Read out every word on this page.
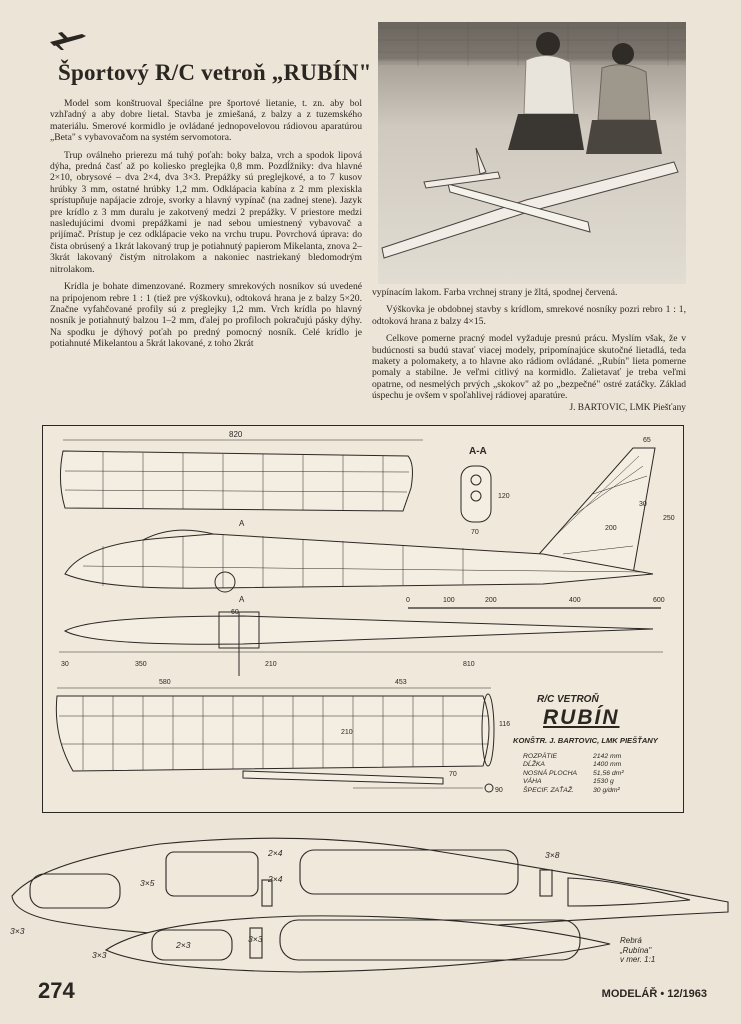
Športový R/C vetroň „RUBÍN"

Model som konštruoval špeciálne pre športové lietanie, t. zn. aby bol vzhľadný a aby dobre lietal. Stavba je zmiešaná, z balzy a z tuzemského materiálu. Smerové kormidlo je ovládané jednopovelovou rádiovou aparatúrou „Beta" s vybavovačom na systém servomotora.

Trup oválneho prierezu má tuhý poťah: boky balza, vrch a spodok lipová dýha, predná časť až po koliesko preglejka 0,8 mm. Pozdĺžniky: dva hlavné 2×10, obrysové – dva 2×4, dva 3×3. Prepážky sú preglejkové, a to 7 kusov hrúbky 3 mm, ostatné hrúbky 1,2 mm. Odklápacia kabína z 2 mm plexiskla sprístupňuje napájacie zdroje, svorky a hlavný vypínač (na zadnej stene). Jazyk pre krídlo z 3 mm duralu je zakotvený medzi 2 prepážky. V priestore medzi nasledujúcimi dvomi prepážkami je nad sebou umiestnený vybavovač a prijímač. Prístup je cez odklápacie veko na vrchu trupu. Povrchová úprava: do čista obrúsený a 1krát lakovaný trup je potiahnutý papierom Mikelanta, znova 2–3krát lakovaný čistým nitrolakom a nakoniec nastriekaný bledomodrým nitrolakom.

Krídla je bohate dimenzované. Rozmery smrekových nosníkov sú uvedené na pripojenom rebre 1 : 1 (tiež pre výškovku), odtoková hrana je z balzy 5×20. Značne vyfahčované profily sú z preglejky 1,2 mm. Vrch krídla po hlavný nosník je potiahnutý balzou 1–2 mm, ďalej po profiloch pokračujú pásky dýhy. Na spodku je dýhový poťah po predný pomocný nosník. Celé krídlo je potiahnuté Mikelantou a 5krát lakované, z toho 2krát

vypínacím lakom. Farba vrchnej strany je žltá, spodnej červená.

Výškovka je obdobnej stavby s krídlom, smrekové nosníky pozri rebro 1 : 1, odtoková hrana z balzy 4×15.

Celkove pomerne pracný model vyžaduje presnú prácu. Myslím však, že v budúcnosti sa budú stavať viacej modely, pripomínajúce skutočné lietadlá, teda makety a polomakety, a to hlavne ako rádiom ovládané. „Rubín" lieta pomerne pomaly a stabilne. Je veľmi citlivý na kormidlo. Zalietavať je treba veľmi opatrne, od nesmelých prvých „skokov" až po „bezpečné" ostré zatáčky. Základ úspechu je ovšem v spoľahlivej rádiovej aparatúre.

J. BARTOVIC, LMK Piešťany
820
A-A
120
70
65
30
200
250
A
0	100	200	400	600
A
60
30	350	210	810
580	453
210
116
70
90
R/C VETROŇ
RUBÍN
KONŠTR. J. BARTOVIC, LMK PIEŠŤANY
ROZPÄTIE	2142 mm
DĹŽKA	1400 mm
NOSNÁ PLOCHA 51,56 dm²
VÁHA	1530 g
ŠPECIF. ZAŤAŽ.	30 g/dm²
2×4	3×8
3×5	2×4
3×3
2×3
3×3
3×3
Rebrá
„Rubína"
v mer. 1:1
274	MODELÁŘ • 12/1963
